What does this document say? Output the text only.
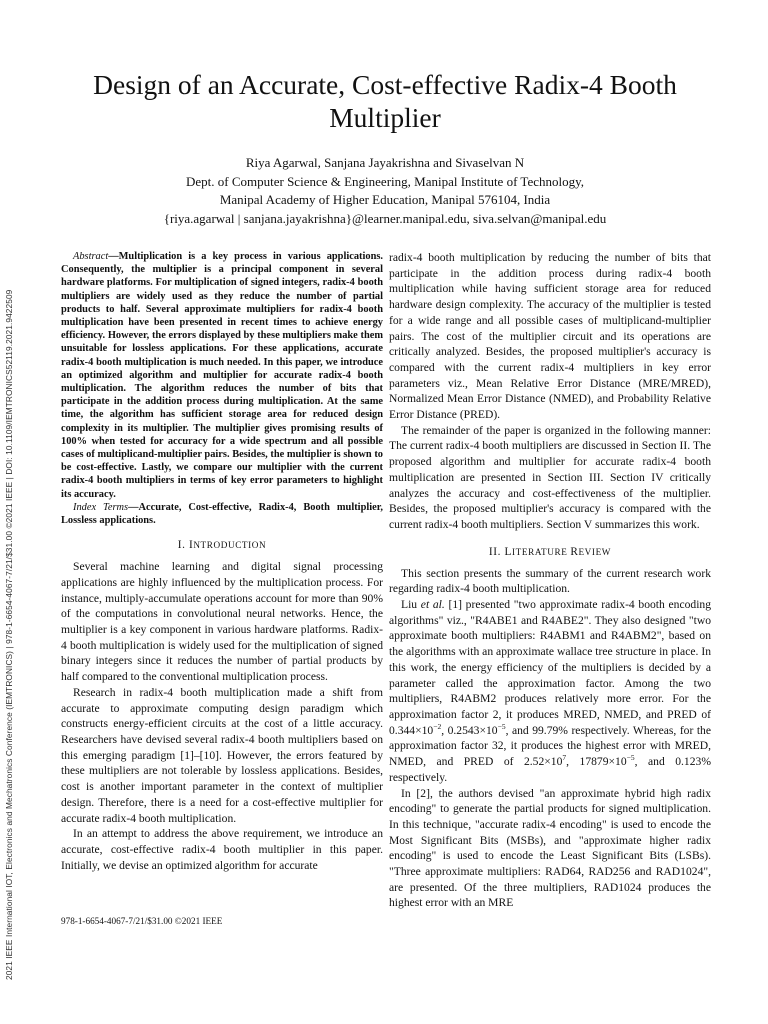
2021 IEEE International IOT, Electronics and Mechatronics Conference (IEMTRONICS) | 978-1-6654-4067-7/21/$31.00 ©2021 IEEE | DOI: 10.1109/IEMTRONICS52119.2021.9422509
Design of an Accurate, Cost-effective Radix-4 Booth Multiplier
Riya Agarwal, Sanjana Jayakrishna and Sivaselvan N
Dept. of Computer Science & Engineering, Manipal Institute of Technology,
Manipal Academy of Higher Education, Manipal 576104, India
{riya.agarwal | sanjana.jayakrishna}@learner.manipal.edu, siva.selvan@manipal.edu

Abstract—Multiplication is a key process in various applications. Consequently, the multiplier is a principal component in several hardware platforms. For multiplication of signed integers, radix-4 booth multipliers are widely used as they reduce the number of partial products to half. Several approximate multipliers for radix-4 booth multiplication have been presented in recent times to achieve energy efficiency. However, the errors displayed by these multipliers make them unsuitable for lossless applications. For these applications, accurate radix-4 booth multiplication is much needed. In this paper, we introduce an optimized algorithm and multiplier for accurate radix-4 booth multiplication. The algorithm reduces the number of bits that participate in the addition process during multiplication. At the same time, the algorithm has sufficient storage area for reduced design complexity in its multiplier. The multiplier gives promising results of 100% when tested for accuracy for a wide spectrum and all possible cases of multiplicand-multiplier pairs. Besides, the multiplier is shown to be cost-effective. Lastly, we compare our multiplier with the current radix-4 booth multipliers in terms of key error parameters to highlight its accuracy.

Index Terms—Accurate, Cost-effective, Radix-4, Booth multiplier, Lossless applications.

I. INTRODUCTION

Several machine learning and digital signal processing applications are highly influenced by the multiplication process. For instance, multiply-accumulate operations account for more than 90% of the computations in convolutional neural networks. Hence, the multiplier is a key component in various hardware platforms. Radix-4 booth multiplication is widely used for the multiplication of signed binary integers since it reduces the number of partial products by half compared to the conventional multiplication process.

Research in radix-4 booth multiplication made a shift from accurate to approximate computing design paradigm which constructs energy-efficient circuits at the cost of a little accuracy. Researchers have devised several radix-4 booth multipliers based on this emerging paradigm [1]–[10]. However, the errors featured by these multipliers are not tolerable by lossless applications. Besides, cost is another important parameter in the context of multiplier design. Therefore, there is a need for a cost-effective multiplier for accurate radix-4 booth multiplication.

In an attempt to address the above requirement, we introduce an accurate, cost-effective radix-4 booth multiplier in this paper. Initially, we devise an optimized algorithm for accurate

radix-4 booth multiplication by reducing the number of bits that participate in the addition process during radix-4 booth multiplication while having sufficient storage area for reduced hardware design complexity. The accuracy of the multiplier is tested for a wide range and all possible cases of multiplicand-multiplier pairs. The cost of the multiplier circuit and its operations are critically analyzed. Besides, the proposed multiplier's accuracy is compared with the current radix-4 multipliers in key error parameters viz., Mean Relative Error Distance (MRE/MRED), Normalized Mean Error Distance (NMED), and Probability Relative Error Distance (PRED).

The remainder of the paper is organized in the following manner: The current radix-4 booth multipliers are discussed in Section II. The proposed algorithm and multiplier for accurate radix-4 booth multiplication are presented in Section III. Section IV critically analyzes the accuracy and cost-effectiveness of the multiplier. Besides, the proposed multiplier's accuracy is compared with the current radix-4 booth multipliers. Section V summarizes this work.

II. LITERATURE REVIEW

This section presents the summary of the current research work regarding radix-4 booth multiplication.

Liu et al. [1] presented "two approximate radix-4 booth encoding algorithms" viz., "R4ABE1 and R4ABE2". They also designed "two approximate booth multipliers: R4ABM1 and R4ABM2", based on the algorithms with an approximate wallace tree structure in place. In this work, the energy efficiency of the multipliers is decided by a parameter called the approximation factor. Among the two multipliers, R4ABM2 produces relatively more error. For the approximation factor 2, it produces MRED, NMED, and PRED of $0.344\times 10^{-2}$, $0.2543\times 10^{-5}$, and 99.79% respectively. Whereas, for the approximation factor 32, it produces the highest error with MRED, NMED, and PRED of $2.52\times 10^7$, $17879\times 10^{-5}$, and 0.123% respectively.

In [2], the authors devised "an approximate hybrid high radix encoding" to generate the partial products for signed multiplication. In this technique, "accurate radix-4 encoding" is used to encode the Most Significant Bits (MSBs), and "approximate higher radix encoding" is used to encode the Least Significant Bits (LSBs). "Three approximate multipliers: RAD64, RAD256 and RAD1024", are presented. Of the three multipliers, RAD1024 produces the highest error with an MRE

978-1-6654-4067-7/21/$31.00 ©2021 IEEE
